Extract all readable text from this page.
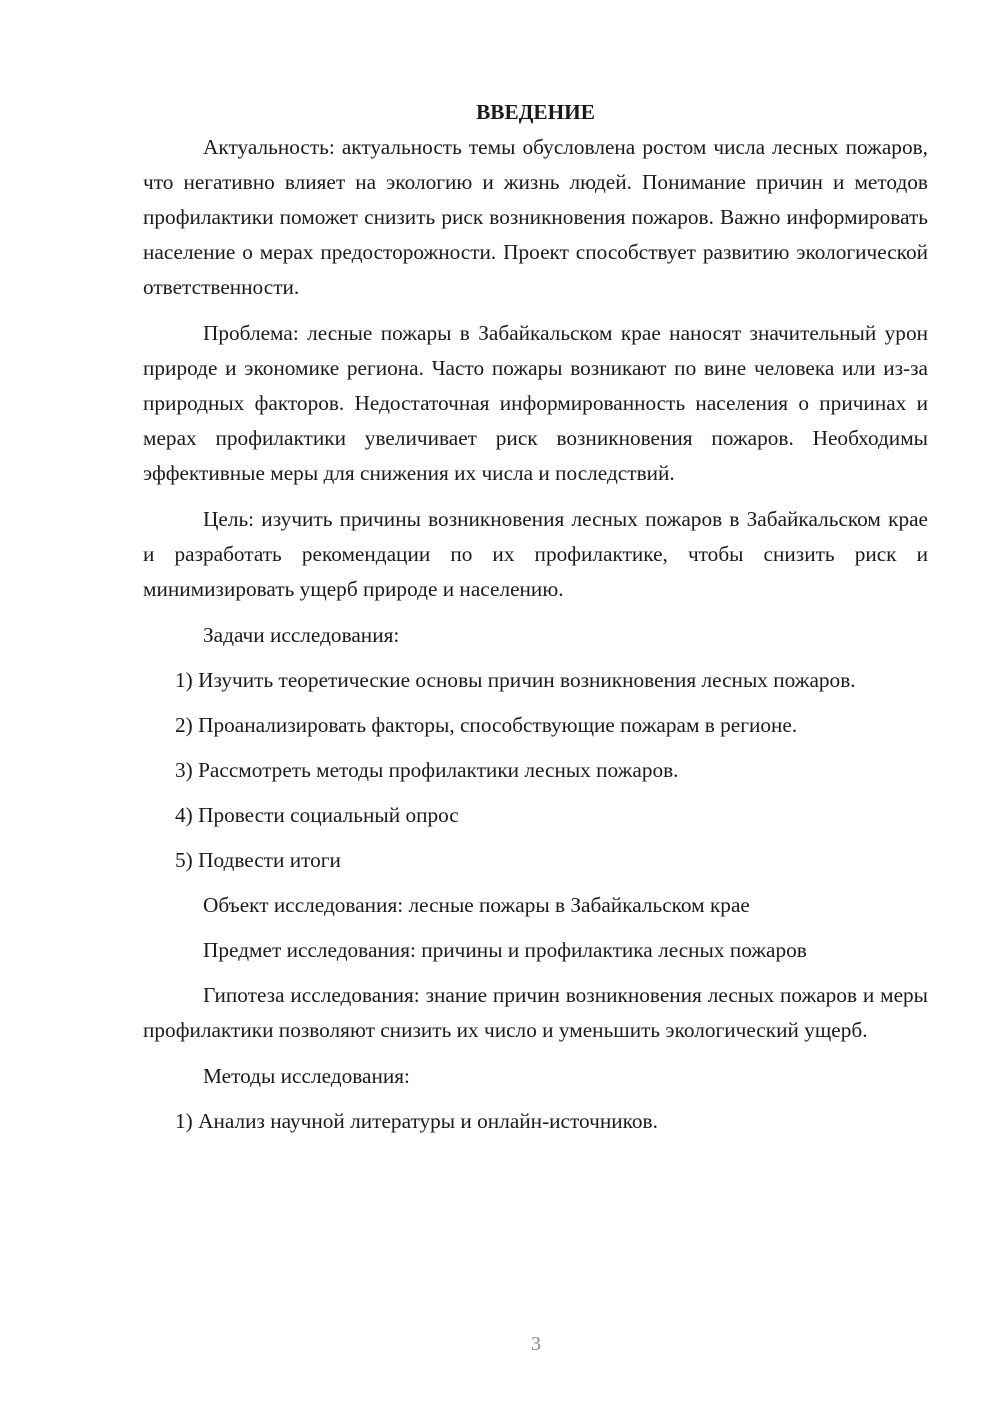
ВВЕДЕНИЕ

Актуальность: актуальность темы обусловлена ростом числа лесных пожаров, что негативно влияет на экологию и жизнь людей. Понимание причин и методов профилактики поможет снизить риск возникновения пожаров. Важно информировать население о мерах предосторожности. Проект способствует развитию экологической ответственности.

Проблема: лесные пожары в Забайкальском крае наносят значительный урон природе и экономике региона. Часто пожары возникают по вине человека или из-за природных факторов. Недостаточная информированность населения о причинах и мерах профилактики увеличивает риск возникновения пожаров. Необходимы эффективные меры для снижения их числа и последствий.

Цель: изучить причины возникновения лесных пожаров в Забайкальском крае и разработать рекомендации по их профилактике, чтобы снизить риск и минимизировать ущерб природе и населению.

Задачи исследования:

1) Изучить теоретические основы причин возникновения лесных пожаров.

2) Проанализировать факторы, способствующие пожарам в регионе.

3) Рассмотреть методы профилактики лесных пожаров.

4) Провести социальный опрос

5) Подвести итоги

Объект исследования: лесные пожары в Забайкальском крае

Предмет исследования: причины и профилактика лесных пожаров

Гипотеза исследования: знание причин возникновения лесных пожаров и меры профилактики позволяют снизить их число и уменьшить экологический ущерб.

Методы исследования:

1) Анализ научной литературы и онлайн-источников.

3
